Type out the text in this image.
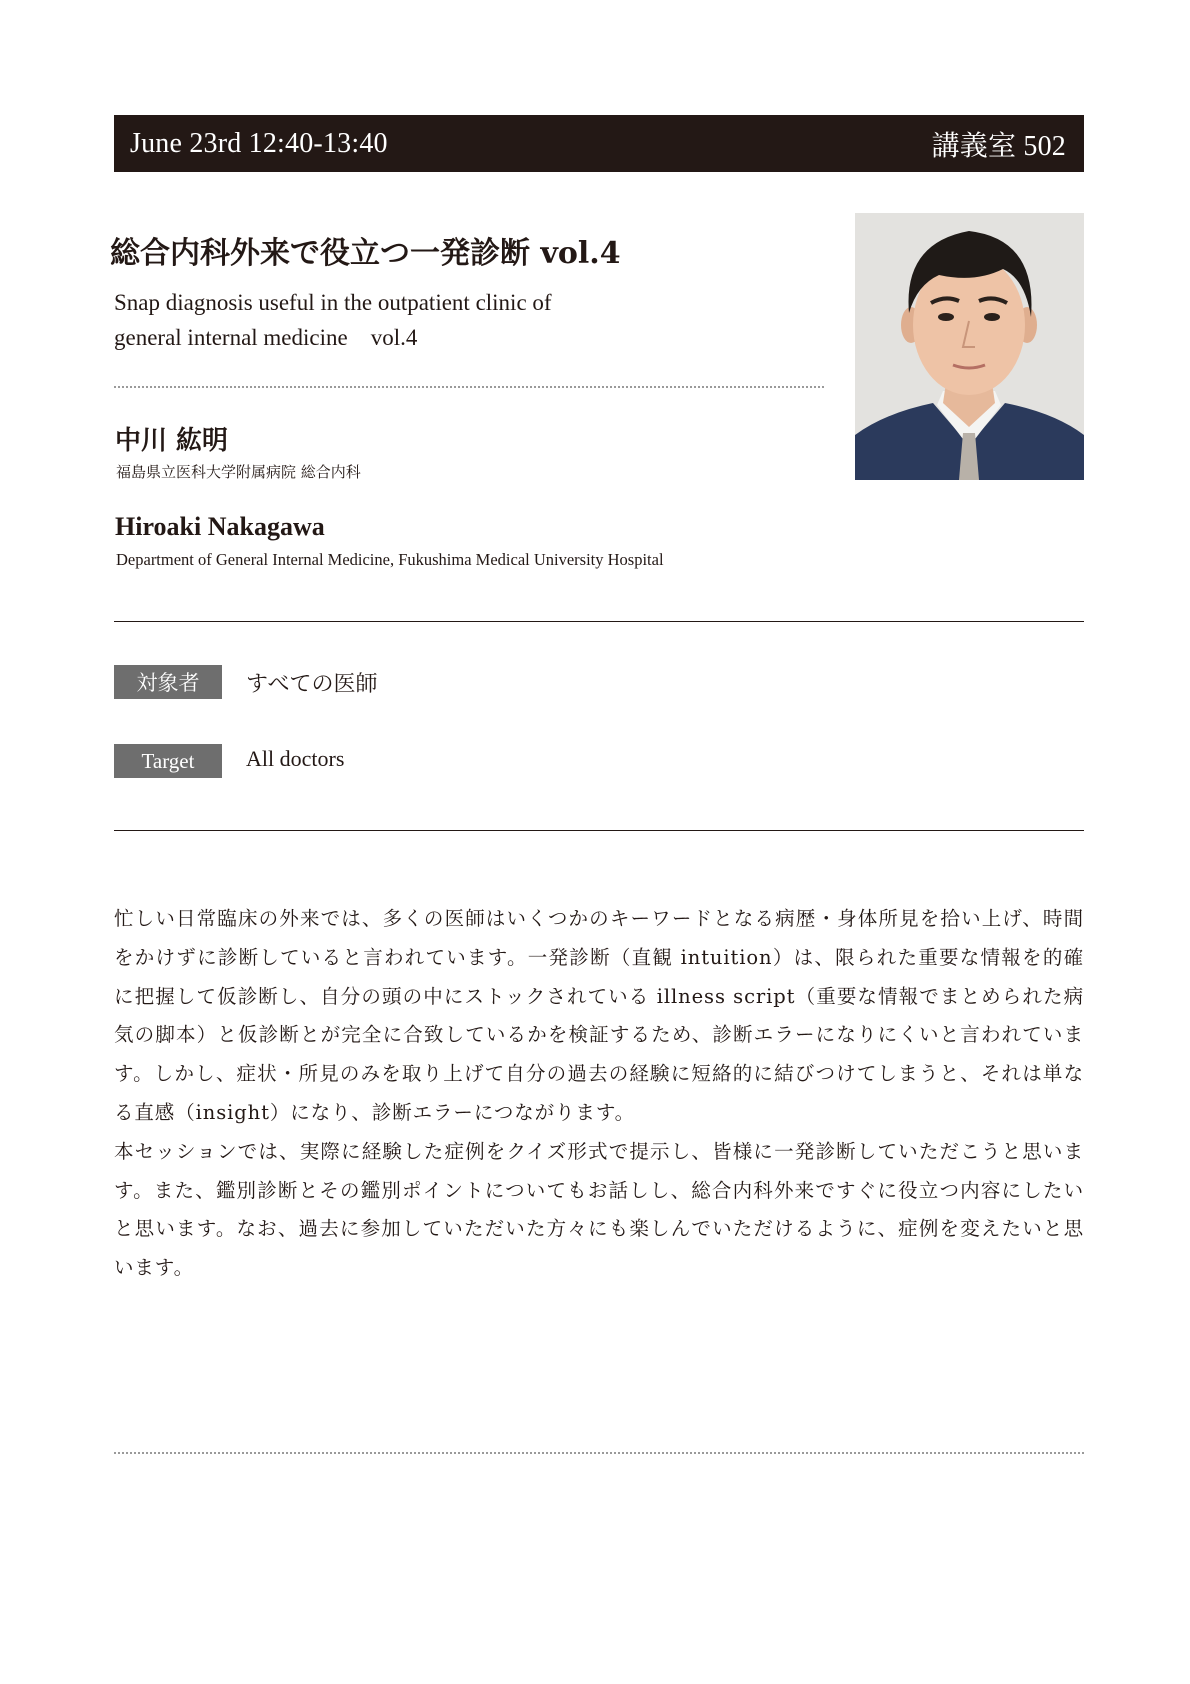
June 23rd 12:40-13:40	講義室 502
総合内科外来で役立つ一発診断 vol.4
Snap diagnosis useful in the outpatient clinic of
general internal medicine　vol.4
中川 紘明
福島県立医科大学附属病院 総合内科
Hiroaki Nakagawa
Department of General Internal Medicine, Fukushima Medical University Hospital
対象者	すべての医師
Target	All doctors

忙しい日常臨床の外来では、多くの医師はいくつかのキーワードとなる病歴・身体所見を拾い上げ、時間をかけずに診断していると言われています。一発診断（直観 intuition）は、限られた重要な情報を的確に把握して仮診断し、自分の頭の中にストックされている illness script（重要な情報でまとめられた病気の脚本）と仮診断とが完全に合致しているかを検証するため、診断エラーになりにくいと言われています。しかし、症状・所見のみを取り上げて自分の過去の経験に短絡的に結びつけてしまうと、それは単なる直感（insight）になり、診断エラーにつながります。

本セッションでは、実際に経験した症例をクイズ形式で提示し、皆様に一発診断していただこうと思います。また、鑑別診断とその鑑別ポイントについてもお話しし、総合内科外来ですぐに役立つ内容にしたいと思います。なお、過去に参加していただいた方々にも楽しんでいただけるように、症例を変えたいと思います。
